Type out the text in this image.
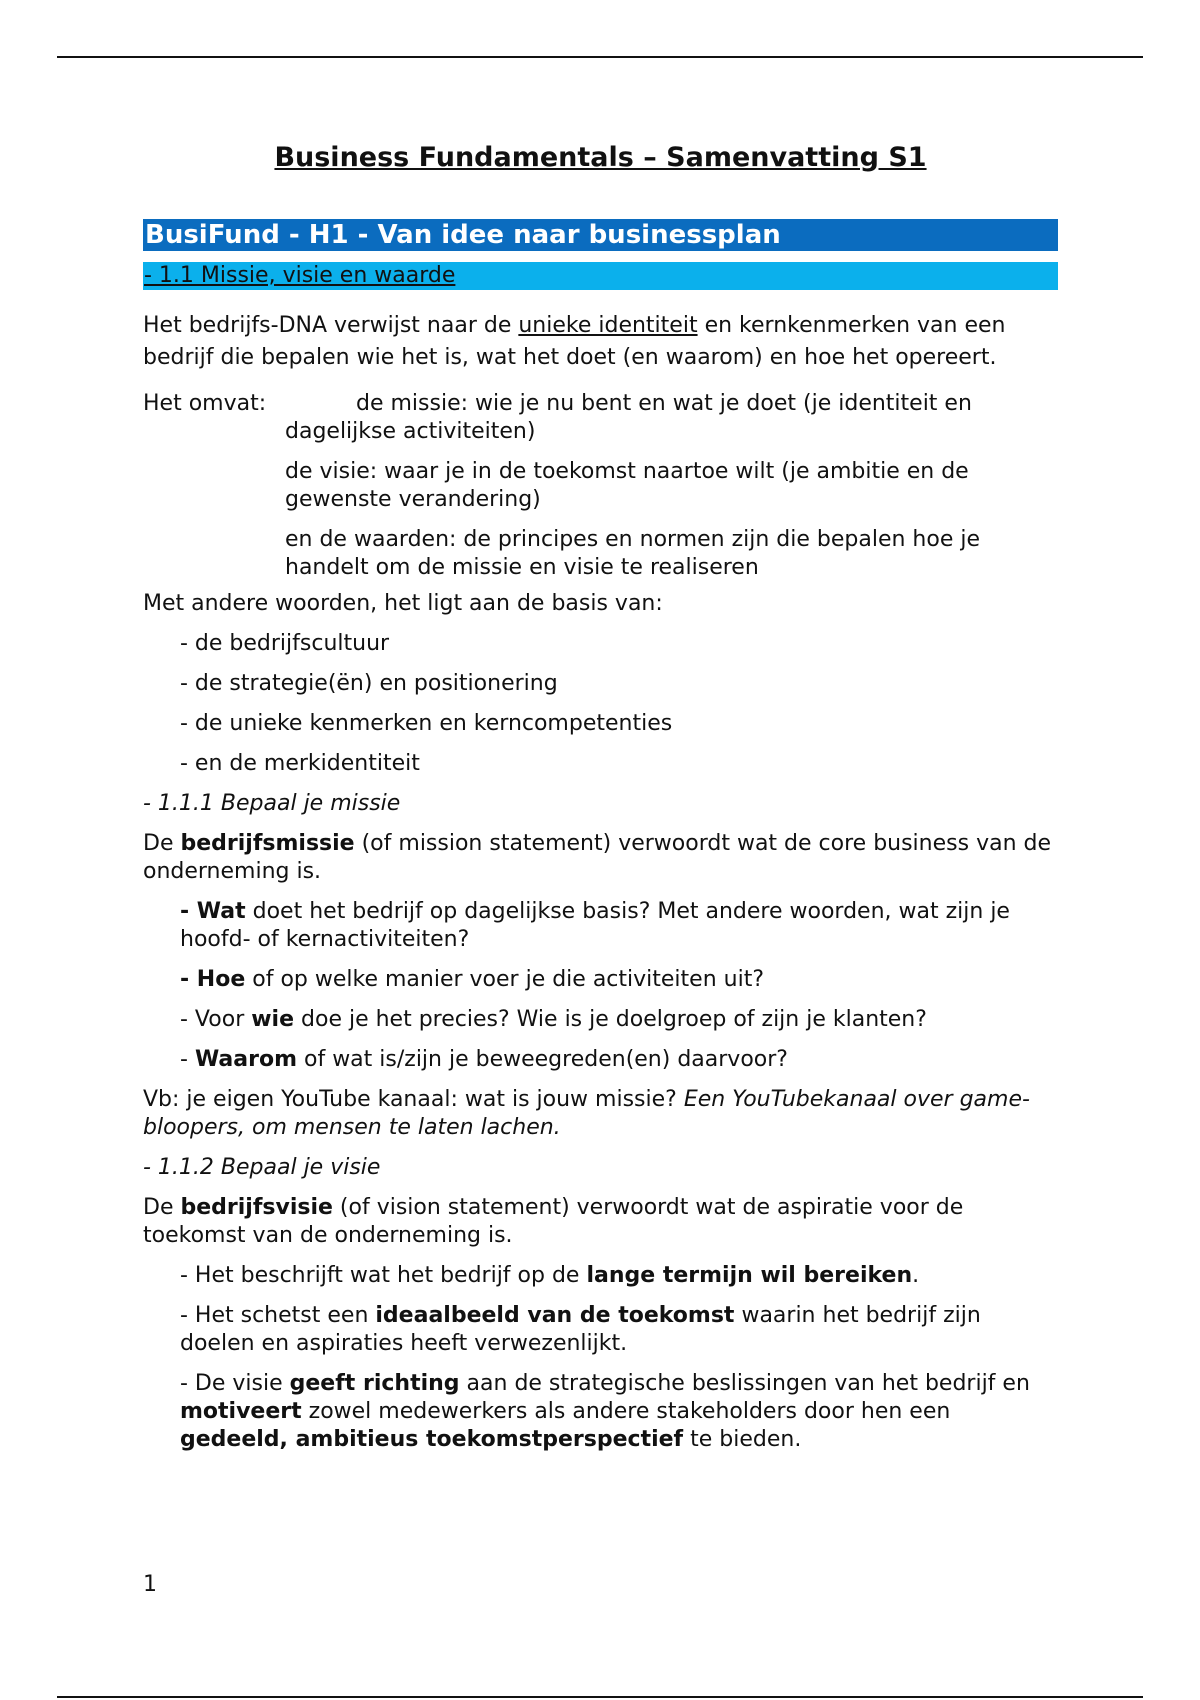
Business Fundamentals – Samenvatting S1
BusiFund - H1 - Van idee naar businessplan
- 1.1 Missie, visie en waarde

Het bedrijfs-DNA verwijst naar de unieke identiteit en kernkenmerken van een bedrijf die bepalen wie het is, wat het doet (en waarom) en hoe het opereert.

Het omvat:	de missie: wie je nu bent en wat je doet (je identiteit en dagelijkse activiteiten)

de visie: waar je in de toekomst naartoe wilt (je ambitie en de gewenste verandering)

en de waarden: de principes en normen zijn die bepalen hoe je handelt om de missie en visie te realiseren

Met andere woorden, het ligt aan de basis van:

- de bedrijfscultuur

- de strategie(ën) en positionering

- de unieke kenmerken en kerncompetenties

- en de merkidentiteit

- 1.1.1 Bepaal je missie

De bedrijfsmissie (of mission statement) verwoordt wat de core business van de onderneming is.

- Wat doet het bedrijf op dagelijkse basis? Met andere woorden, wat zijn je hoofd- of kernactiviteiten?

- Hoe of op welke manier voer je die activiteiten uit?

- Voor wie doe je het precies? Wie is je doelgroep of zijn je klanten?

- Waarom of wat is/zijn je beweegreden(en) daarvoor?

Vb: je eigen YouTube kanaal: wat is jouw missie? Een YouTubekanaal over game-bloopers, om mensen te laten lachen.

- 1.1.2 Bepaal je visie

De bedrijfsvisie (of vision statement) verwoordt wat de aspiratie voor de toekomst van de onderneming is.

- Het beschrijft wat het bedrijf op de lange termijn wil bereiken.

- Het schetst een ideaalbeeld van de toekomst waarin het bedrijf zijn doelen en aspiraties heeft verwezenlijkt.

- De visie geeft richting aan de strategische beslissingen van het bedrijf en motiveert zowel medewerkers als andere stakeholders door hen een gedeeld, ambitieus toekomstperspectief te bieden.

1
